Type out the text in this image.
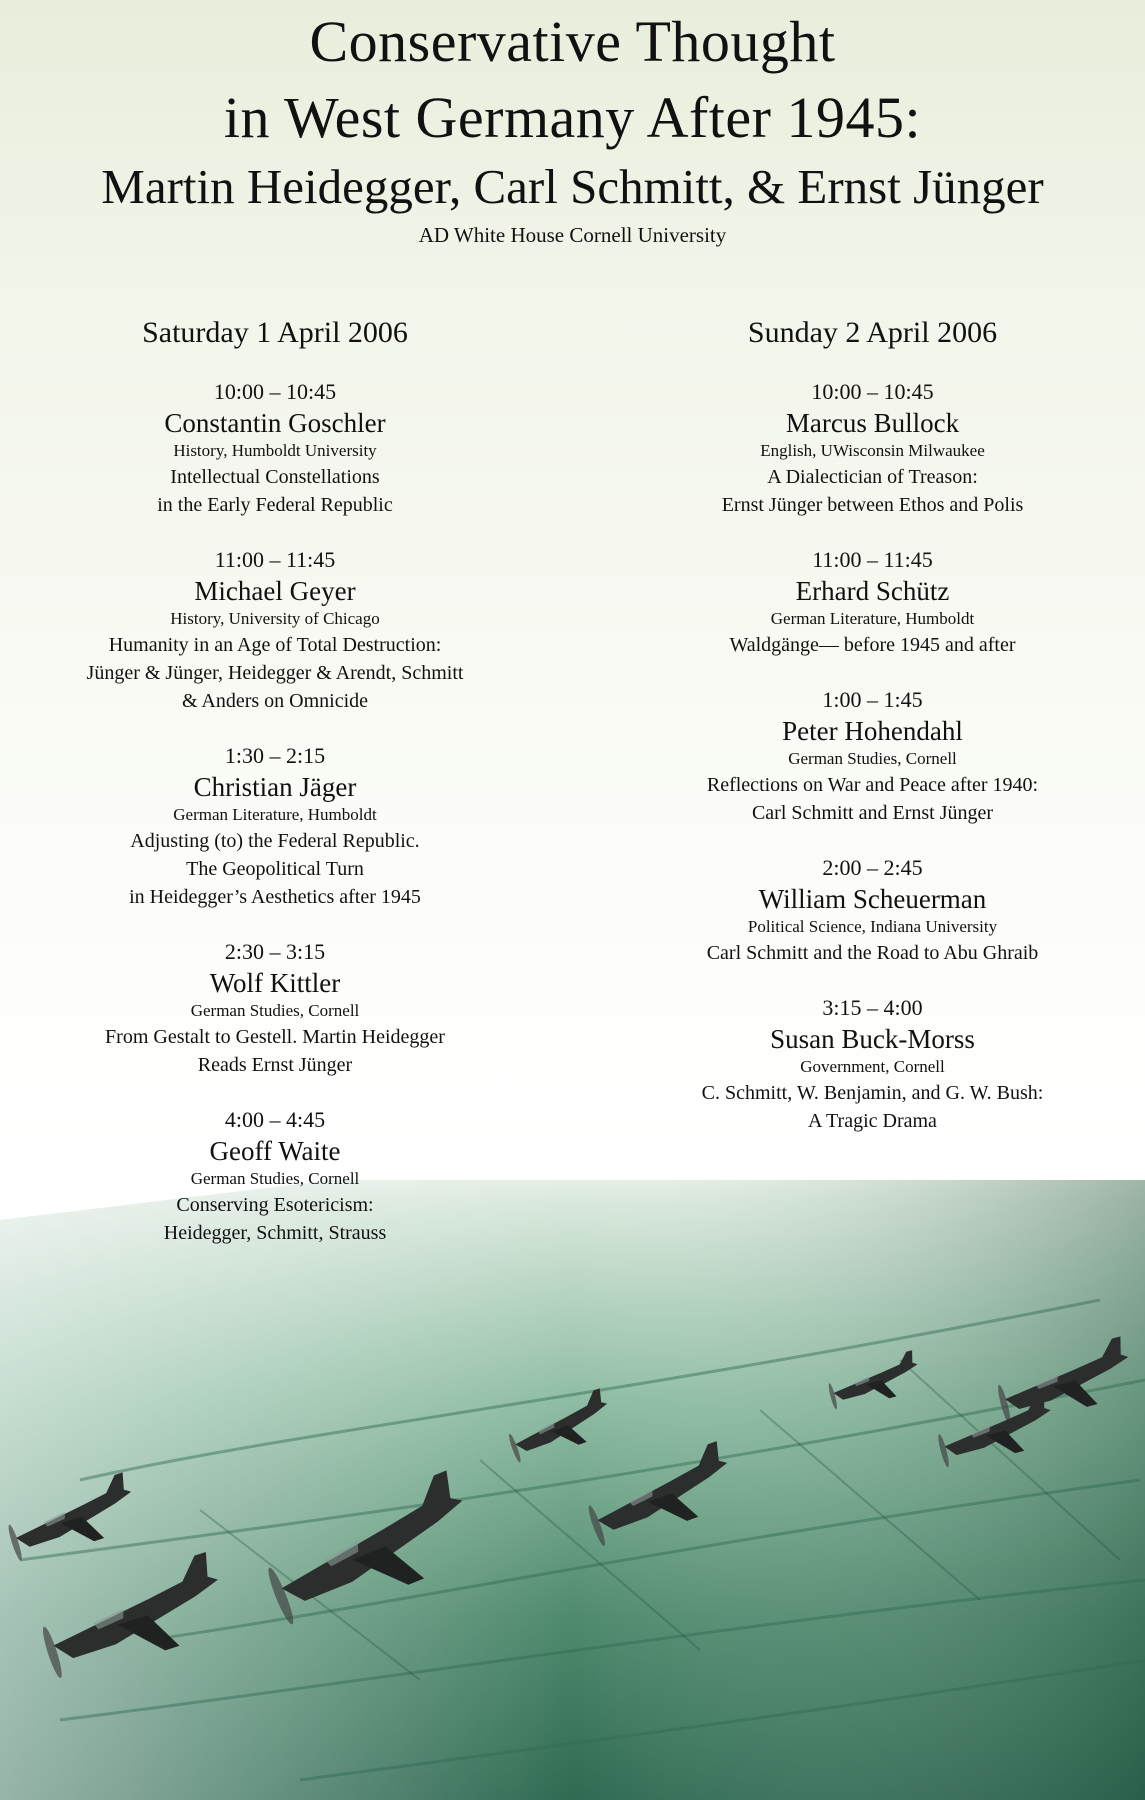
Conservative Thought
in West Germany After 1945:
Martin Heidegger, Carl Schmitt, & Ernst Jünger
AD White House Cornell University
Saturday 1 April 2006
10:00 – 10:45
Constantin Goschler
History, Humboldt University
Intellectual Constellations
in the Early Federal Republic
11:00 – 11:45
Michael Geyer
History, University of Chicago
Humanity in an Age of Total Destruction:
Jünger & Jünger, Heidegger & Arendt, Schmitt
& Anders on Omnicide
1:30 – 2:15
Christian Jäger
German Literature, Humboldt
Adjusting (to) the Federal Republic.
The Geopolitical Turn
in Heidegger’s Aesthetics after 1945
2:30 – 3:15
Wolf Kittler
German Studies, Cornell
From Gestalt to Gestell. Martin Heidegger
Reads Ernst Jünger
4:00 – 4:45
Geoff Waite
German Studies, Cornell
Conserving Esotericism:
Heidegger, Schmitt, Strauss
Sunday 2 April 2006
10:00 – 10:45
Marcus Bullock
English, UWisconsin Milwaukee
A Dialectician of Treason:
Ernst Jünger between Ethos and Polis
11:00 – 11:45
Erhard Schütz
German Literature, Humboldt
Waldgänge— before 1945 and after
1:00 – 1:45
Peter Hohendahl
German Studies, Cornell
Reflections on War and Peace after 1940:
Carl Schmitt and Ernst Jünger
2:00 – 2:45
William Scheuerman
Political Science, Indiana University
Carl Schmitt and the Road to Abu Ghraib
3:15 – 4:00
Susan Buck-Morss
Government, Cornell
C. Schmitt, W. Benjamin, and G. W. Bush:
A Tragic Drama
